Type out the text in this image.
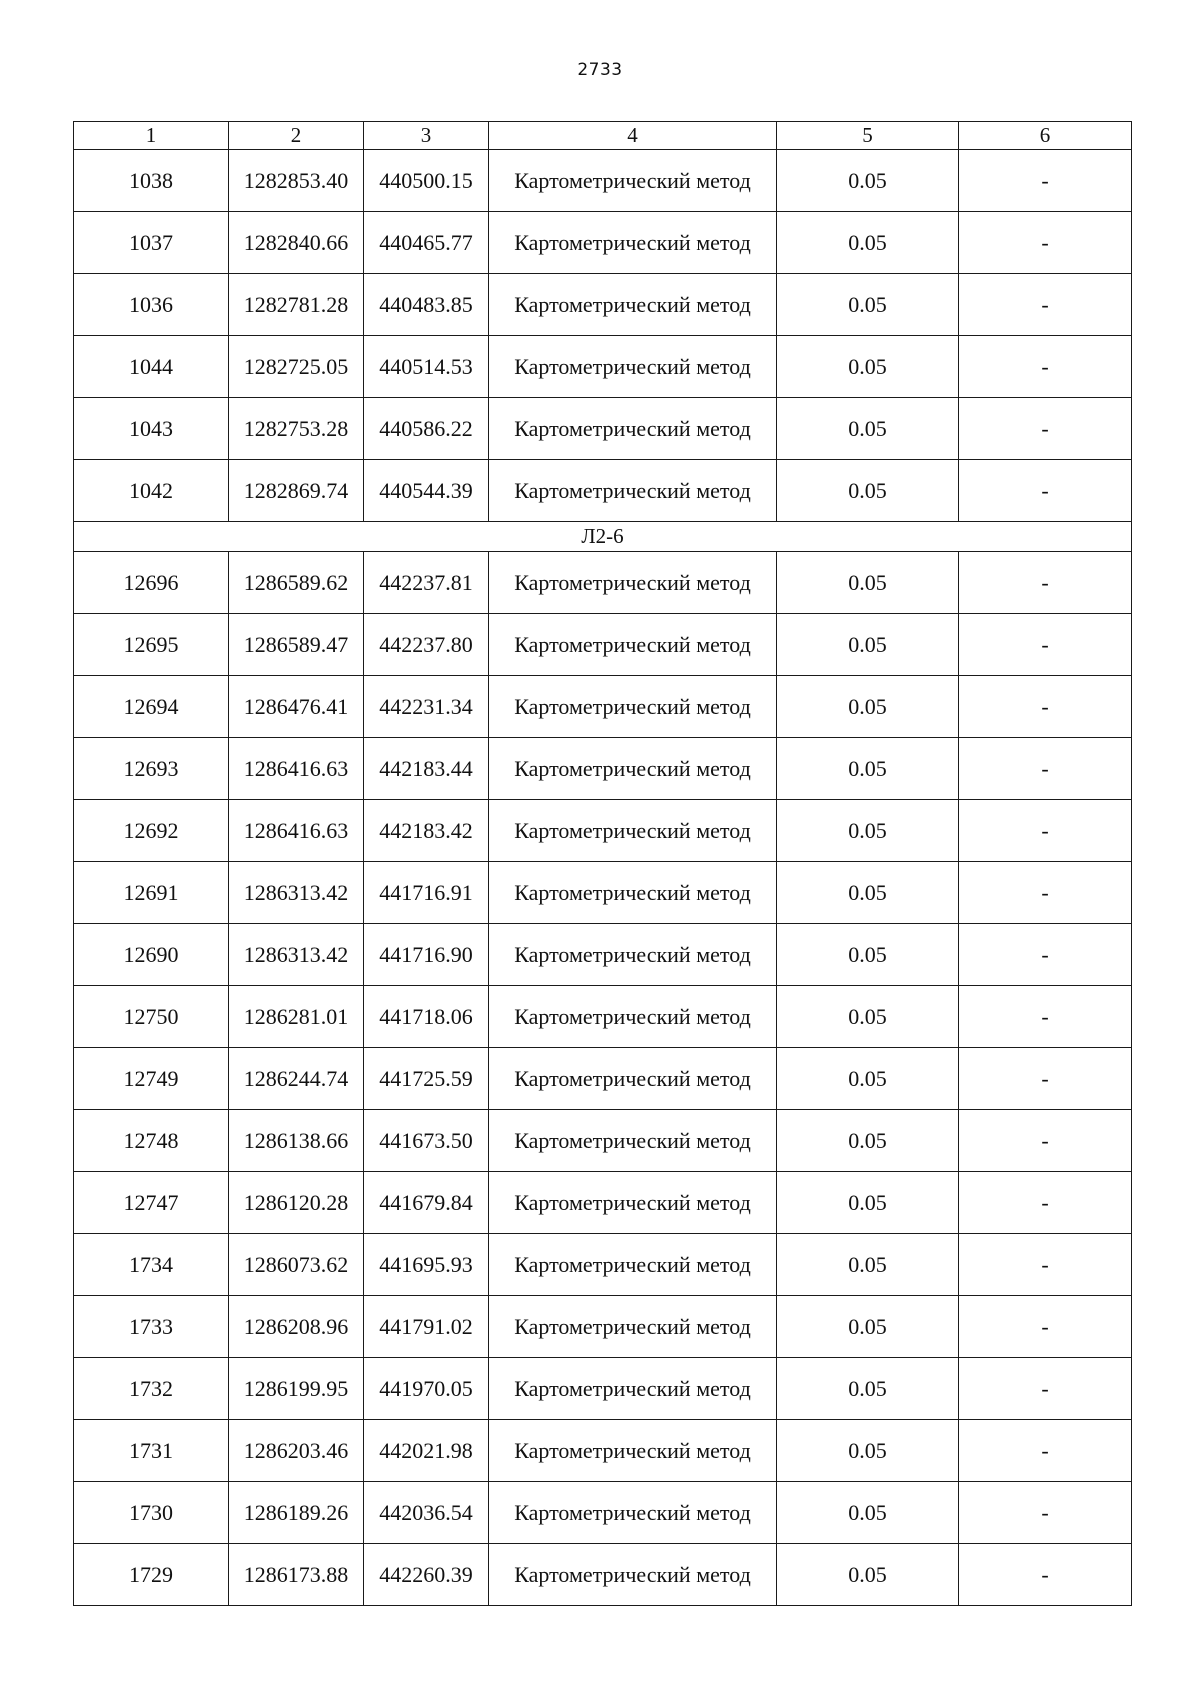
2733
1	2	3	4	5	6
1038	1282853.40	440500.15	Картометрический метод	0.05	-
1037	1282840.66	440465.77	Картометрический метод	0.05	-
1036	1282781.28	440483.85	Картометрический метод	0.05	-
1044	1282725.05	440514.53	Картометрический метод	0.05	-
1043	1282753.28	440586.22	Картометрический метод	0.05	-
1042	1282869.74	440544.39	Картометрический метод	0.05	-
Л2-6					
12696	1286589.62	442237.81	Картометрический метод	0.05	-
12695	1286589.47	442237.80	Картометрический метод	0.05	-
12694	1286476.41	442231.34	Картометрический метод	0.05	-
12693	1286416.63	442183.44	Картометрический метод	0.05	-
12692	1286416.63	442183.42	Картометрический метод	0.05	-
12691	1286313.42	441716.91	Картометрический метод	0.05	-
12690	1286313.42	441716.90	Картометрический метод	0.05	-
12750	1286281.01	441718.06	Картометрический метод	0.05	-
12749	1286244.74	441725.59	Картометрический метод	0.05	-
12748	1286138.66	441673.50	Картометрический метод	0.05	-
12747	1286120.28	441679.84	Картометрический метод	0.05	-
1734	1286073.62	441695.93	Картометрический метод	0.05	-
1733	1286208.96	441791.02	Картометрический метод	0.05	-
1732	1286199.95	441970.05	Картометрический метод	0.05	-
1731	1286203.46	442021.98	Картометрический метод	0.05	-
1730	1286189.26	442036.54	Картометрический метод	0.05	-
1729	1286173.88	442260.39	Картометрический метод	0.05	-
